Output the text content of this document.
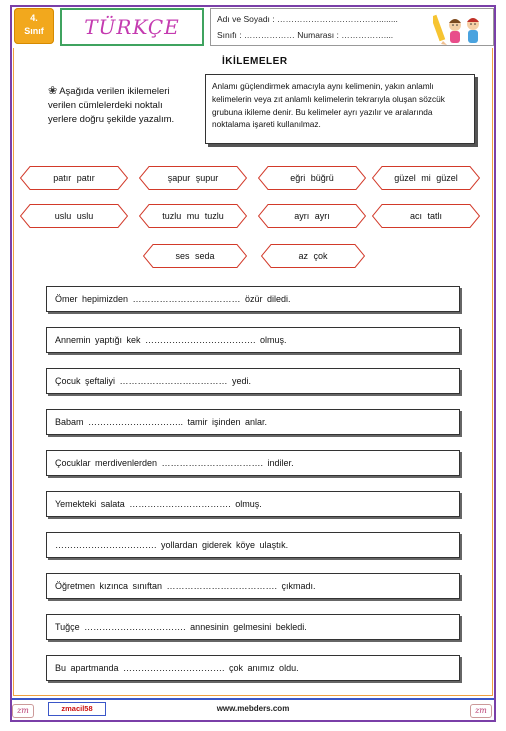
4.
Sınıf	TÜRKÇE	Adı ve Soyadı : ………………………………........
Sınıfı : ……………… Numarası : ……………....
İKİLEMELER
❀ Aşağıda verilen ikilemeleri verilen cümlelerdeki noktalı yerlere doğru şekilde yazalım.
Anlamı güçlendirmek amacıyla aynı kelimenin, yakın anlamlı kelimelerin veya zıt anlamlı kelimelerin tekrarıyla oluşan sözcük grubuna ikileme denir. Bu kelimeler ayrı yazılır ve aralarında noktalama işareti kullanılmaz.
patır patır	şapur şupur	eğri büğrü	güzel mi güzel
uslu uslu	tuzlu mu tuzlu	ayrı ayrı	acı tatlı
ses seda	az çok
Ömer hepimizden ……………………………… özür diledi.
Annemin yaptığı kek ………………………………. olmuş.
Çocuk şeftaliyi ……………………………… yedi.
Babam ………………………….. tamir işinden anlar.
Çocuklar merdivenlerden ……………………………. indiler.
Yemekteki salata ……………………………. olmuş.
……………………………. yollardan giderek köye ulaştık.
Öğretmen kızınca sınıftan ………………………………. çıkmadı.
Tuğçe ……………………………. annesinin gelmesini bekledi.
Bu apartmanda ……………………………. çok anımız oldu.
zm	zmacil58	www.mebders.com	zm
